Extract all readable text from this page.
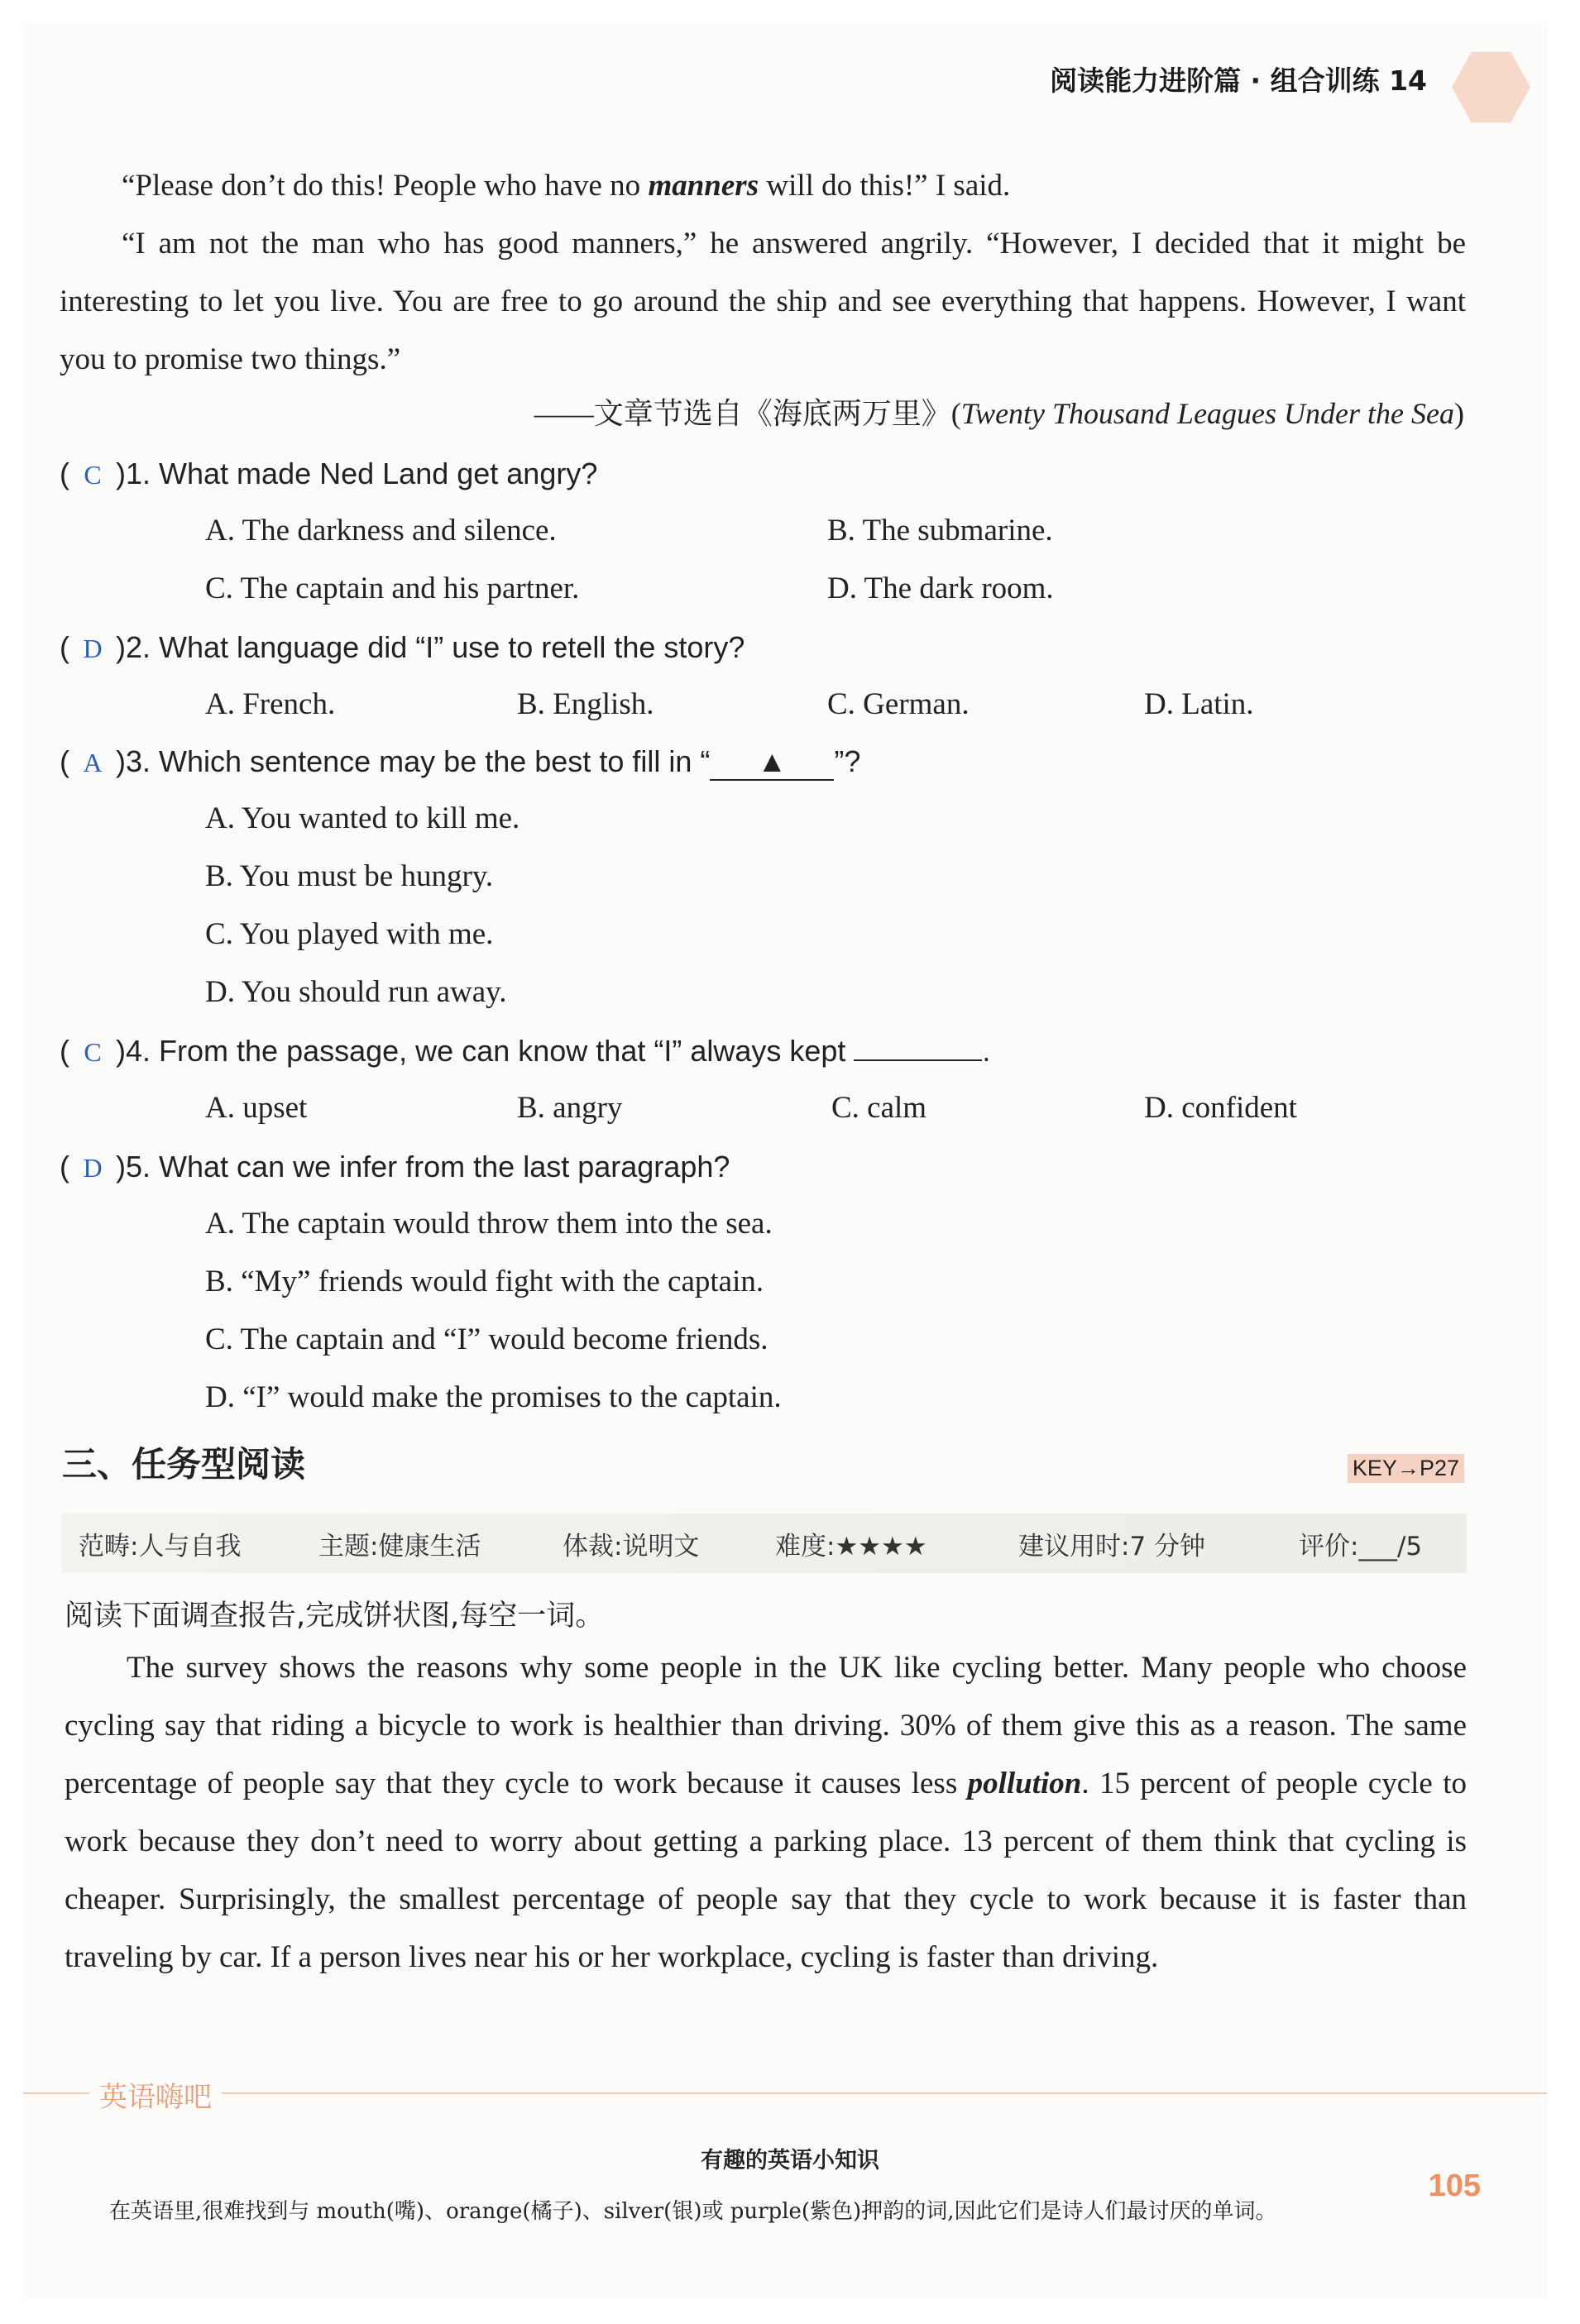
阅读能力进阶篇 · 组合训练 14
“Please don’t do this! People who have no manners will do this!” I said.
“I am not the man who has good manners,” he answered angrily. “However, I decided that it might be interesting to let you live. You are free to go around the ship and see everything that happens. However, I want you to promise two things.”
——文章节选自《海底两万里》(Twenty Thousand Leagues Under the Sea)
( C )1. What made Ned Land get angry?
A. The darkness and silence.	B. The submarine.
C. The captain and his partner.	D. The dark room.
( D )2. What language did “I” use to retell the story?
A. French.	B. English.	C. German.	D. Latin.
( A )3. Which sentence may be the best to fill in “ ▲ ”?
A. You wanted to kill me.
B. You must be hungry.
C. You played with me.
D. You should run away.
( C )4. From the passage, we can know that “I” always kept	.
A. upset	B. angry	C. calm	D. confident
( D )5. What can we infer from the last paragraph?
A. The captain would throw them into the sea.
B. “My” friends would fight with the captain.
C. The captain and “I” would become friends.
D. “I” would make the promises to the captain.
三、任务型阅读	KEY→P27
范畴:人与自我	主题:健康生活	体裁:说明文	难度:★★★★	建议用时:7 分钟	评价:___/5
阅读下面调查报告,完成饼状图,每空一词。
The survey shows the reasons why some people in the UK like cycling better. Many people who choose cycling say that riding a bicycle to work is healthier than driving. 30% of them give this as a reason. The same percentage of people say that they cycle to work because it causes less pollution. 15 percent of people cycle to work because they don’t need to worry about getting a parking place. 13 percent of them think that cycling is cheaper. Surprisingly, the smallest percentage of people say that they cycle to work because it is faster than traveling by car. If a person lives near his or her workplace, cycling is faster than driving.
英语嗨吧
有趣的英语小知识
在英语里,很难找到与 mouth(嘴)、orange(橘子)、silver(银)或 purple(紫色)押韵的词,因此它们是诗人们最讨厌的单词。
105
